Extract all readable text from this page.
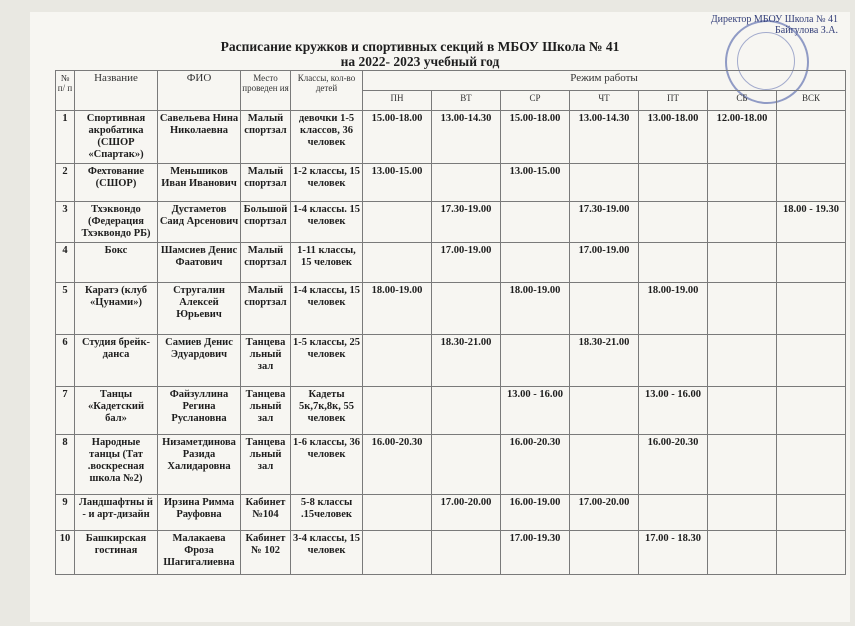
Директор МБОУ Школа № 41
Байгулова З.А.
Расписание кружков и спортивных секций в МБОУ Школа № 41
на 2022- 2023 учебный год
№ п/ п	Название	ФИО	Место проведен ия	Классы, кол-во детей	Режим работы						
					ПН	ВТ	СР	ЧТ	ПТ	СБ	ВСК
1	Спортивная акробатика (СШОР «Спартак»)	Савельева Нина Николаевна	Малый спортзал	девочки 1-5 классов, 36 человек	15.00-18.00	13.00-14.30	15.00-18.00	13.00-14.30	13.00-18.00	12.00-18.00	
2	Фехтование (СШОР)	Меньшиков Иван Иванович	Малый спортзал	1-2 классы, 15 человек	13.00-15.00		13.00-15.00				
3	Тхэквондо (Федерация Тхэквондо РБ)	Дустаметов Саид Арсенович	Большой спортзал	1-4 классы. 15 человек		17.30-19.00		17.30-19.00			18.00 - 19.30
4	Бокс	Шамсиев Денис Фаатович	Малый спортзал	1-11 классы, 15 человек		17.00-19.00		17.00-19.00			
5	Каратэ (клуб «Цунами»)	Стругалин Алексей Юрьевич	Малый спортзал	1-4 классы, 15 человек	18.00-19.00		18.00-19.00		18.00-19.00		
6	Студия брейк-данса	Самиев Денис Эдуардович	Танцева льный зал	1-5 классы, 25 человек		18.30-21.00		18.30-21.00			
7	Танцы «Кадетский бал»	Файзуллина Регина Руслановна	Танцева льный зал	Кадеты 5к,7к,8к, 55 человек			13.00 - 16.00		13.00 - 16.00		
8	Народные танцы (Тат .воскресная школа №2)	Низаметдинова Разида Халидаровна	Танцева льный зал	1-6 классы, 36 человек	16.00-20.30		16.00-20.30		16.00-20.30		
9	Ландшафтны й - и арт-дизайн	Ирзина Римма Рауфовна	Кабинет №104	5-8 классы .15человек		17.00-20.00	16.00-19.00	17.00-20.00			
10	Башкирская гостиная	Малакаева Фроза Шагигалиевна	Кабинет № 102	3-4 классы, 15 человек			17.00-19.30		17.00 - 18.30		
